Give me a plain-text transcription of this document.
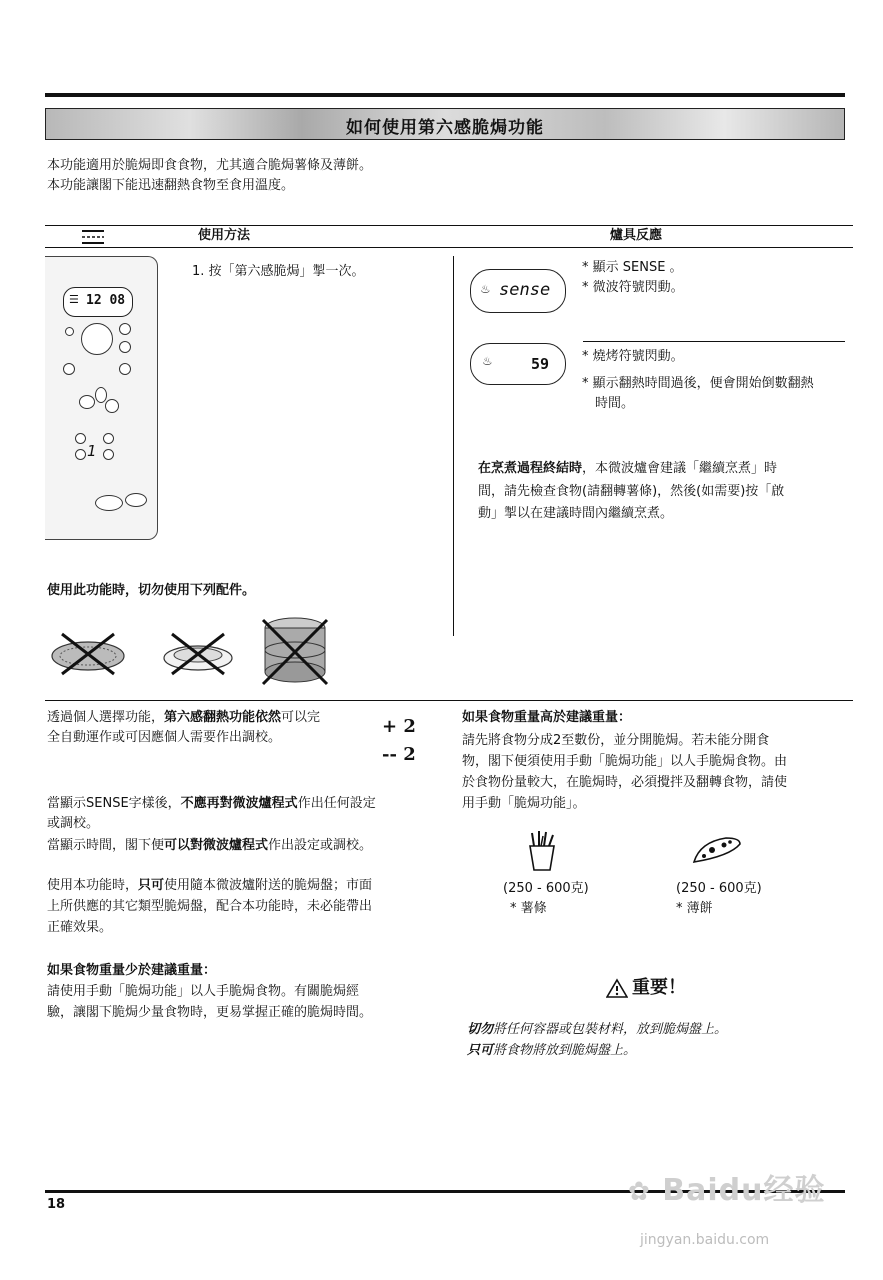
如何使用第六感脆焗功能
本功能適用於脆焗即食食物，尤其適合脆焗薯條及薄餅。
本功能讓閣下能迅速翻熱食物至食用溫度。
使用方法	爐具反應
12 08
☰
1
1. 按「第六感脆焗」掣一次。
♨ sense
* 顯示 SENSE 。
* 微波符號閃動。
♨	59	* 燒烤符號閃動。
* 顯示翻熱時間過後，便會開始倒數翻熱
時間。
在烹煮過程終結時，本微波爐會建議「繼續烹煮」時
間，請先檢查食物(請翻轉薯條)，然後(如需要)按「啟
動」掣以在建議時間內繼續烹煮。
使用此功能時，切勿使用下列配件。
透過個人選擇功能，第六感翻熱功能依然可以完
全自動運作或可因應個人需要作出調校。
+ 2
-- 2
當顯示SENSE字樣後，不應再對微波爐程式作出任何設定
或調校。
當顯示時間，閣下便可以對微波爐程式作出設定或調校。
使用本功能時，只可使用隨本微波爐附送的脆焗盤；市面
上所供應的其它類型脆焗盤，配合本功能時，未必能帶出
正確效果。
如果食物重量少於建議重量：
請使用手動「脆焗功能」以人手脆焗食物。有關脆焗經
驗，讓閣下脆焗少量食物時，更易掌握正確的脆焗時間。
如果食物重量高於建議重量：
請先將食物分成2至數份，並分開脆焗。若未能分開食
物，閣下便須使用手動「脆焗功能」以人手脆焗食物。由
於食物份量較大，在脆焗時，必須攪拌及翻轉食物，請使
用手動「脆焗功能」。
(250 - 600克)
* 薯條
(250 - 600克)
* 薄餅
重要！
切勿將任何容器或包裝材料，放到脆焗盤上。
只可將食物將放到脆焗盤上。
18	✿ Baidu经验
jingyan.baidu.com
